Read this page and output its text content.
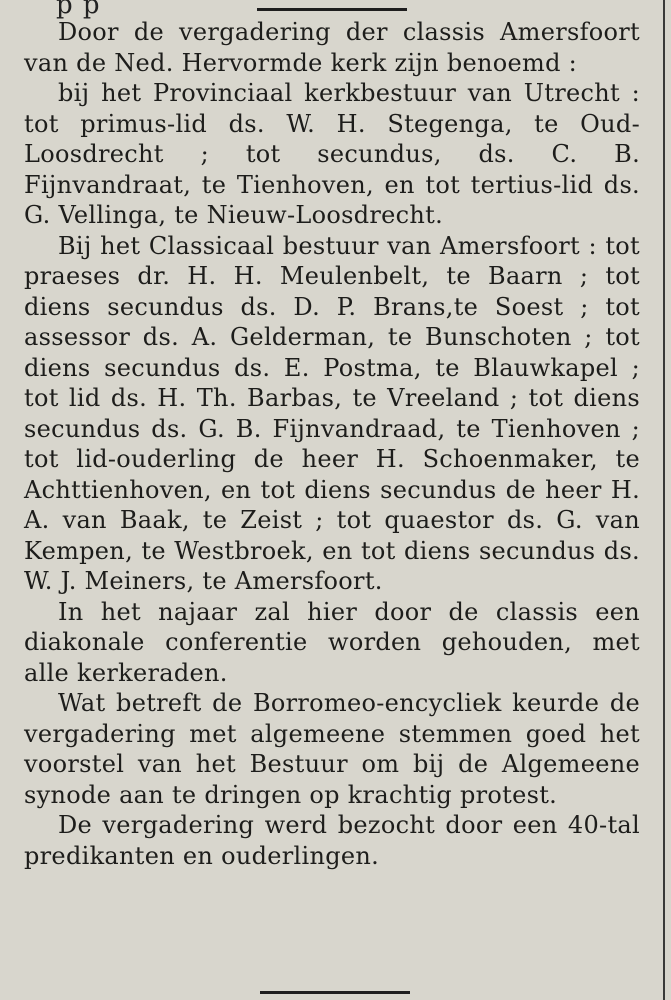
p p

Door de vergadering der classis Amersfoort van de Ned. Hervormde kerk zijn benoemd :

bij het Provinciaal kerkbestuur van Utrecht : tot primus-lid ds. W. H. Stegenga, te Oud-Loosdrecht ; tot secundus, ds. C. B. Fijnvandraat, te Tienhoven, en tot tertius-lid ds. G. Vellinga, te Nieuw-Loosdrecht.

Bij het Classicaal bestuur van Amersfoort : tot praeses dr. H. H. Meulenbelt, te Baarn ; tot diens secundus ds. D. P. Brans,te Soest ; tot assessor ds. A. Gelderman, te Bunschoten ; tot diens secundus ds. E. Postma, te Blauwkapel ; tot lid ds. H. Th. Barbas, te Vreeland ; tot diens secundus ds. G. B. Fijnvandraad, te Tienhoven ; tot lid-ouderling de heer H. Schoenmaker, te Achttienhoven, en tot diens secundus de heer H. A. van Baak, te Zeist ; tot quaestor ds. G. van Kempen, te Westbroek, en tot diens secundus ds. W. J. Meiners, te Amersfoort.

In het najaar zal hier door de classis een diakonale conferentie worden gehouden, met alle kerkeraden.

Wat betreft de Borromeo-encycliek keurde de vergadering met algemeene stemmen goed het voorstel van het Bestuur om bij de Algemeene synode aan te dringen op krachtig protest.

De vergadering werd bezocht door een 40-tal predikanten en ouderlingen.
